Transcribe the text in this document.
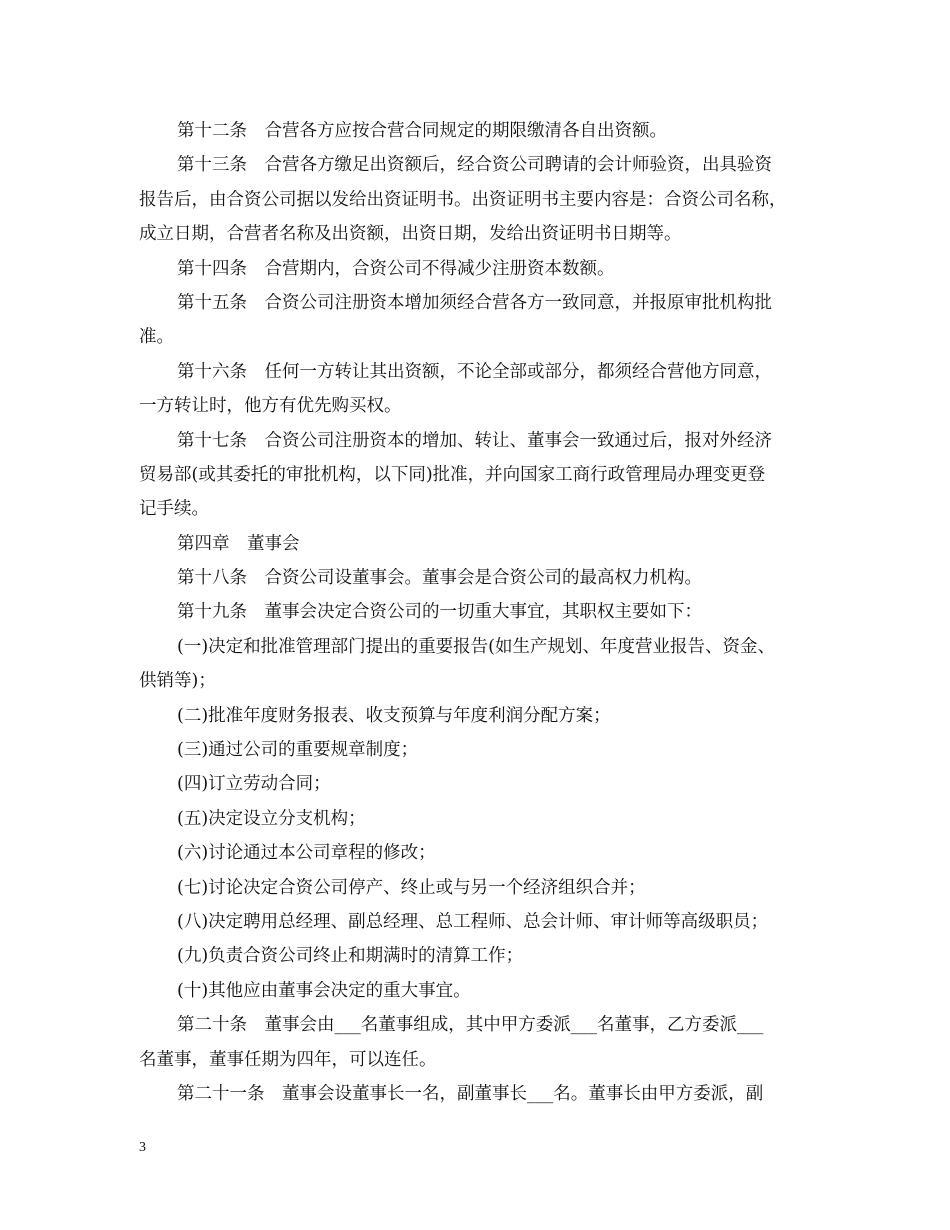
第十二条　合营各方应按合营合同规定的期限缴清各自出资额。
第十三条　合营各方缴足出资额后，经合资公司聘请的会计师验资，出具验资
报告后，由合资公司据以发给出资证明书。出资证明书主要内容是：合资公司名称，
成立日期，合营者名称及出资额，出资日期，发给出资证明书日期等。
第十四条　合营期内，合资公司不得减少注册资本数额。
第十五条　合资公司注册资本增加须经合营各方一致同意，并报原审批机构批
准。
第十六条　任何一方转让其出资额，不论全部或部分，都须经合营他方同意，
一方转让时，他方有优先购买权。
第十七条　合资公司注册资本的增加、转让、董事会一致通过后，报对外经济
贸易部(或其委托的审批机构，以下同)批准，并向国家工商行政管理局办理变更登
记手续。
第四章　董事会
第十八条　合资公司设董事会。董事会是合资公司的最高权力机构。
第十九条　董事会决定合资公司的一切重大事宜，其职权主要如下：
(一)决定和批准管理部门提出的重要报告(如生产规划、年度营业报告、资金、
供销等)；
(二)批准年度财务报表、收支预算与年度利润分配方案；
(三)通过公司的重要规章制度；
(四)订立劳动合同；
(五)决定设立分支机构；
(六)讨论通过本公司章程的修改；
(七)讨论决定合资公司停产、终止或与另一个经济组织合并；
(八)决定聘用总经理、副总经理、总工程师、总会计师、审计师等高级职员；
(九)负责合资公司终止和期满时的清算工作；
(十)其他应由董事会决定的重大事宜。
第二十条　董事会由___名董事组成，其中甲方委派___名董事，乙方委派___
名董事，董事任期为四年，可以连任。
第二十一条　董事会设董事长一名，副董事长___名。董事长由甲方委派，副
3
